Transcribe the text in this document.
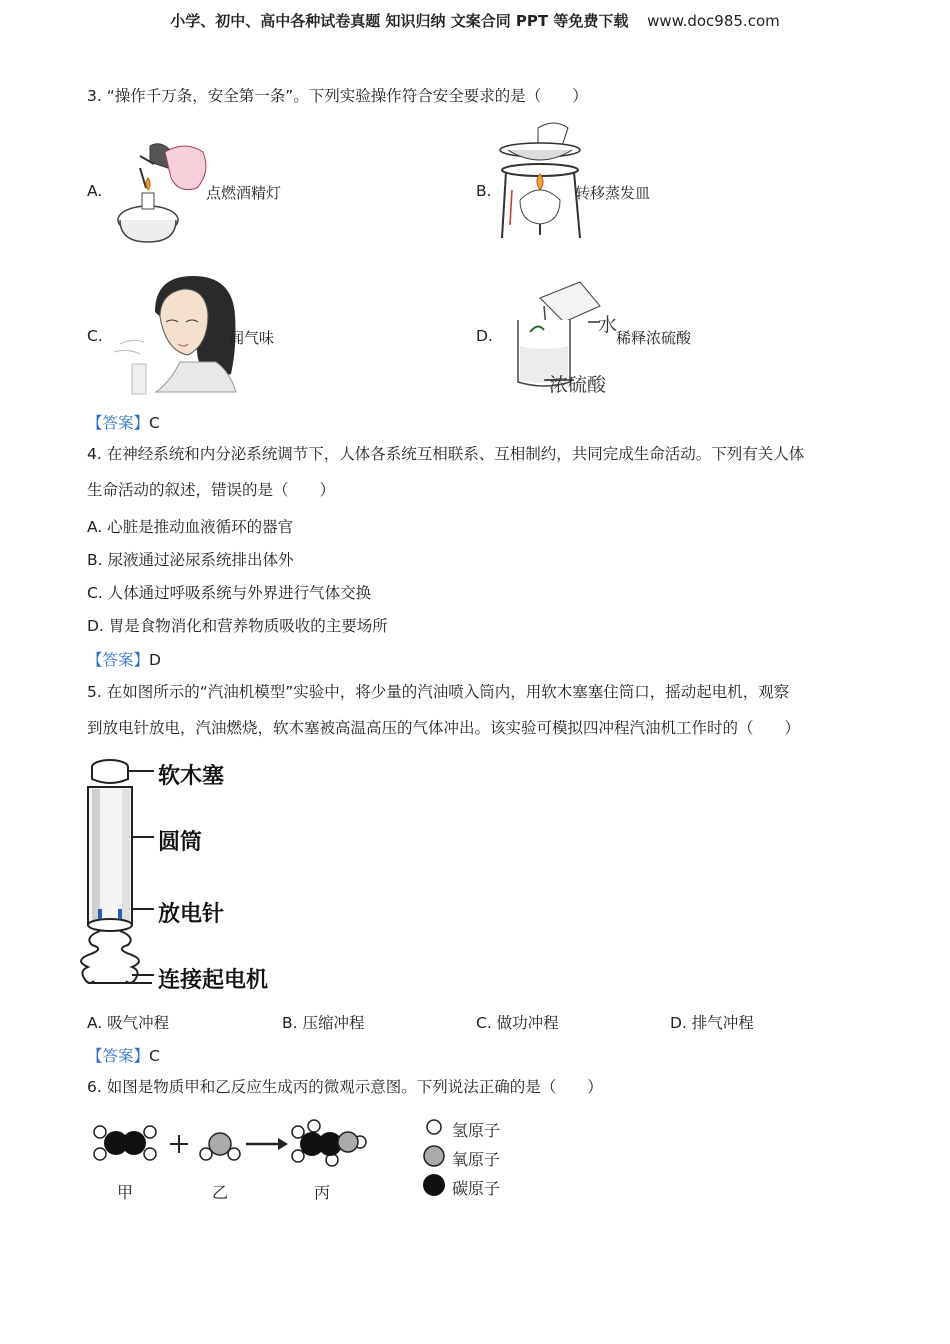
小学、初中、高中各种试卷真题 知识归纳 文案合同 PPT 等免费下载 www.doc985.com
3. “操作千万条，安全第一条”。下列实验操作符合安全要求的是（　　）
A.	点燃酒精灯	B.	转移蒸发皿
C.	闻气味	D.	水
浓硫酸
稀释浓硫酸
【答案】C
4. 在神经系统和内分泌系统调节下，人体各系统互相联系、互相制约，共同完成生命活动。下列有关人体
生命活动的叙述，错误的是（　　）
A. 心脏是推动血液循环的器官
B. 尿液通过泌尿系统排出体外
C. 人体通过呼吸系统与外界进行气体交换
D. 胃是食物消化和营养物质吸收的主要场所
【答案】D
5. 在如图所示的“汽油机模型”实验中，将少量的汽油喷入筒内，用软木塞塞住筒口，摇动起电机，观察
到放电针放电，汽油燃烧，软木塞被高温高压的气体冲出。该实验可模拟四冲程汽油机工作时的（　　）
软木塞
圆筒
放电针
连接起电机
A. 吸气冲程	B. 压缩冲程	C. 做功冲程	D. 排气冲程
【答案】C
6. 如图是物质甲和乙反应生成丙的微观示意图。下列说法正确的是（　　）
甲	乙	丙
氢原子
氧原子
碳原子
